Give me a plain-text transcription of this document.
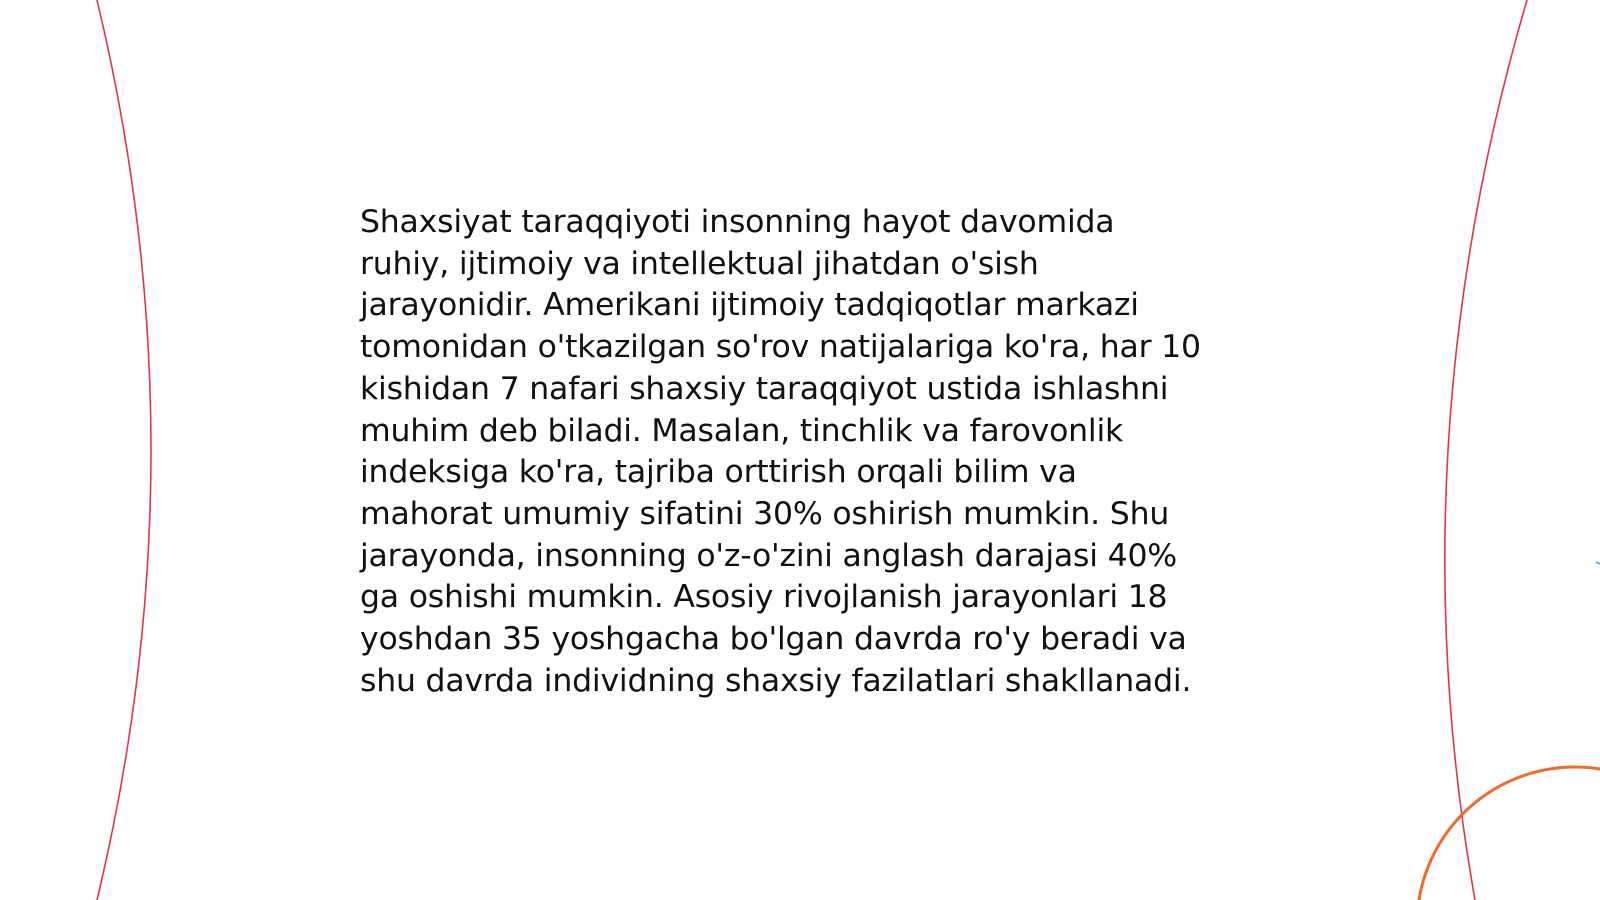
Shaxsiyat taraqqiyoti insonning hayot davomida
ruhiy, ijtimoiy va intellektual jihatdan o'sish
jarayonidir. Amerikani ijtimoiy tadqiqotlar markazi
tomonidan o'tkazilgan so'rov natijalariga ko'ra, har 10
kishidan 7 nafari shaxsiy taraqqiyot ustida ishlashni
muhim deb biladi. Masalan, tinchlik va farovonlik
indeksiga ko'ra, tajriba orttirish orqali bilim va
mahorat umumiy sifatini 30% oshirish mumkin. Shu
jarayonda, insonning o'z-o'zini anglash darajasi 40%
ga oshishi mumkin. Asosiy rivojlanish jarayonlari 18
yoshdan 35 yoshgacha bo'lgan davrda ro'y beradi va
shu davrda individning shaxsiy fazilatlari shakllanadi.
